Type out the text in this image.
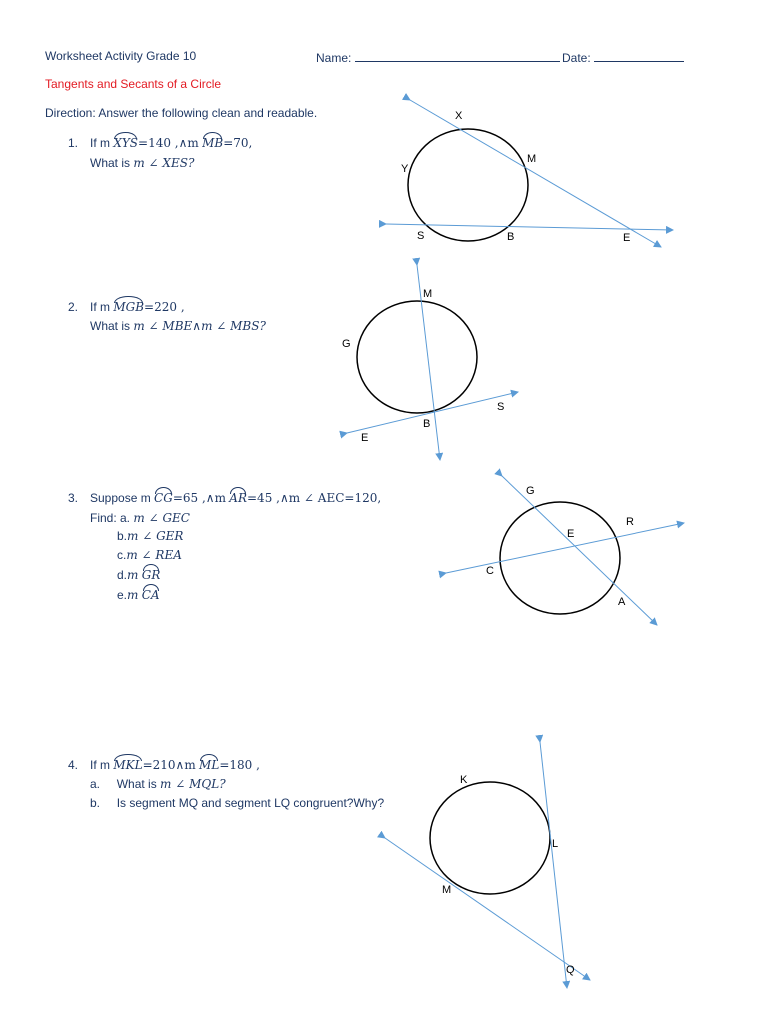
Worksheet Activity Grade 10	Name:	Date:
Tangents and Secants of a Circle
Direction: Answer the following clean and readable.
1. If m XYS=140 ,∧m MB=70,
What is m ∠ XES?
2. If m MGB=220 ,
What is m ∠ MBE∧m ∠ MBS?
3. Suppose m CG=65 ,∧m AR=45 ,∧m ∠ AEC=120,
Find: a. m ∠ GEC
b.m ∠ GER
c.m ∠ REA
d.m GR
e.m CA
4. If m MKL=210∧m ML=180 ,
a. What is m ∠ MQL?
b. Is segment MQ and segment LQ congruent?Why?
X
M
Y
S	B	E
M
G
B
E
S
G
R
E
C
A
K
L
M
Q
